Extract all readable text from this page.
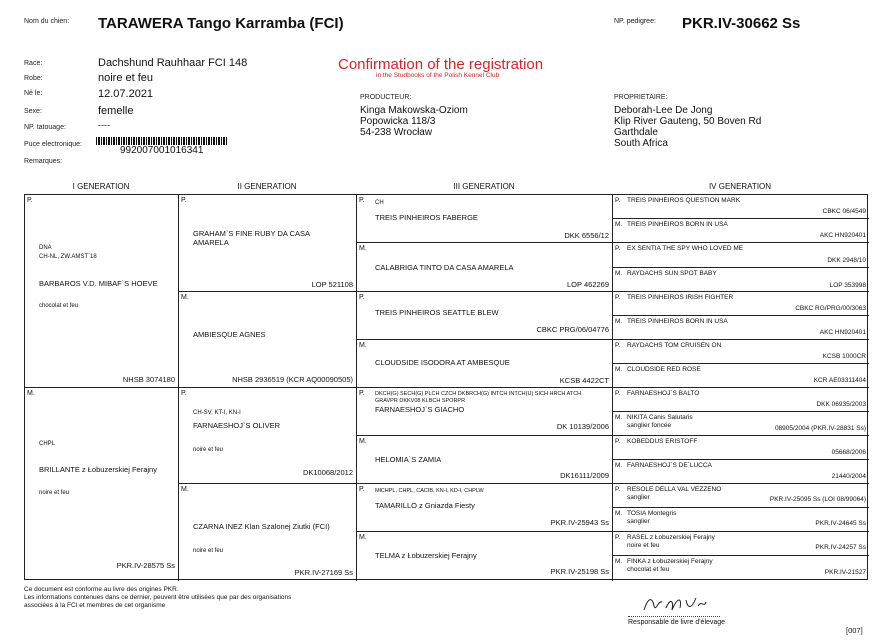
Nom du chien: TARAWERA Tango Karramba (FCI)	NP. pedigree: PKR.IV-30662 Ss
Race:	Dachshund Rauhhaar FCI 148
Robe:	noire et feu
Né le:	12.07.2021
Sexe:	femelle
NP. tatouage:	----
Puce electronique:
992007001016341
Remarques:
Confirmation of the registration
in the Studbooks of the Polish Kennel Club
PRODUCTEUR:
Kinga Makowska-Oziom
Popowicka 118/3
54-238 Wrocław
PROPRIETAIRE:
Deborah-Lee De Jong
Klip River Gauteng, 50 Boven Rd
Garthdale
South Africa
I GENERATION	II GENERATION	III GENERATION	IV GENERATION
P.
DNA
CH-NL, ZW.AMST`18
BARBAROS V.D. MIBAF`S HOEVE
chocolat et feu
NHSB 3074180
M.
CHPL
BRILLANTE z Łobuzerskiej Ferajny
noire et feu
PKR.IV-28575 Ss
P.
GRAHAM`S FINE RUBY DA CASA AMARELA
LOP 521108
M.
AMBIESQUE AGNES
NHSB 2936519 (KCR AQ00090505)
P.
CH-SV, KT-I, KN-I
FARNAESHOJ`S OLIVER
noire et feu
DK10068/2012
M.
CZARNA INEZ Klan Szalonej Ziutki (FCI)
noire et feu
PKR.IV-27169 Ss
P. CH
TREIS PINHEIROS FABERGE
DKK 6556/12
M.
CALABRIGA TINTO DA CASA AMARELA
LOP 462269
P.
TREIS PINHEIROS SEATTLE BLEW
CBKC PRG/06/04776
M.
CLOUDSIDE ISODORA AT AMBESQUE
KCSB 4422CT
P. DKCH(G) SECH(G) PLCH CZCH DKBRCH(G) INTCH INTCH(U) SICH HRCH ATCH GRAVPR DKKV08 KLBCH SPORPR
FARNAESHOJ`S GIACHO
DK 10139/2006
M.
HELOMIA`S ZAMIA
DK16111/2009
P. MłCHPL, CHPL, CACIB, KN-I, KD-I, CHPLW
TAMARILLO z Gniazda Fiesty
PKR.IV-25943 Ss
M.
TELMA z Łobuzerskiej Ferajny
PKR.IV-25198 Ss
P. TREIS PINHEIROS QUESTION MARK
CBKC 06/4549
M. TREIS PINHEIROS BORN IN USA
AKC HN920401
P. EX SENTIA THE SPY WHO LOVED ME
DKK 2948/10
M. RAYDACHS SUN SPOT BABY
LOP 353998
P. TREIS PINHEIROS IRISH FIGHTER
CBKC RG/PRG/00/3063
M. TREIS PINHEIROS BORN IN USA
AKC HN920401
P. RAYDACHS TOM CRUISEN ON
KCSB 1000CR
M. CLOUDSIDE RED ROSE
KCR AE03311404
P. FARNAESHOJ`S BALTO
DKK 06935/2003
M. NIKITA Canis Salutaris
sanglier foncée	08905/2004 (PKR.IV-28831 Ss)
P. KOBEDDUS ERISTOFF
05668/2006
M. FARNAESHOJ`S DE`LUCCA
21440/2004
P. RESOLE DELLA VAL VEZZENO
sanglier	PKR.IV-25095 Ss (LOI 08/99064)
M. TOSIA Montegris
sanglier	PKR.IV-24645 Ss
P. RASEL z Łobuzerskiej Ferajny
noire et feu	PKR.IV-24257 Ss
M. FINKA z Łobuzerskiej Ferajny
chocolat et feu	PKR.IV-21527
Ce document est conforme au livre des origines PKR.
Les informations contenues dans ce dernier, peuvent être utilisées que par des organisations
associées à la FCI et membres de cet organisme
Responsable de livre d'élevage
[007]
